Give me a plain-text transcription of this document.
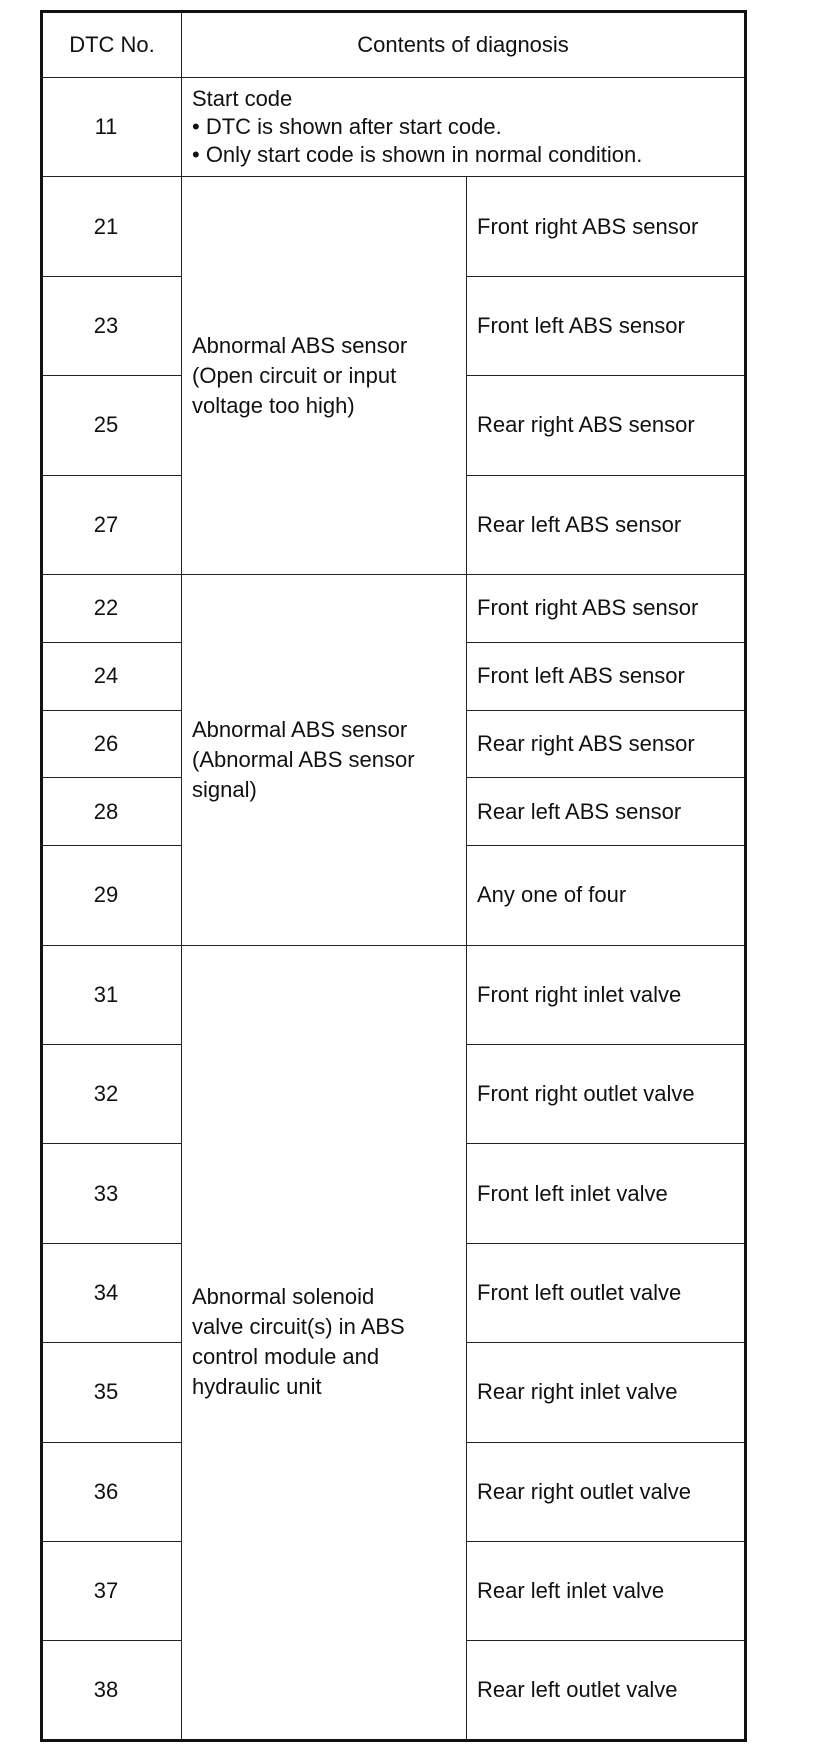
DTC No.	Contents of diagnosis	
11	Start code
• DTC is shown after start code.
• Only start code is shown in normal condition.	

21	Abnormal ABS sensor
(Open circuit or input
voltage too high)	Front right ABS sensor
23		Front left ABS sensor
25		Rear right ABS sensor
27		Rear left ABS sensor
22	Abnormal ABS sensor
(Abnormal ABS sensor
signal)	Front right ABS sensor
24		Front left ABS sensor
26		Rear right ABS sensor
28		Rear left ABS sensor
29		Any one of four
31	Abnormal solenoid
valve circuit(s) in ABS
control module and
hydraulic unit	Front right inlet valve
32		Front right outlet valve
33		Front left inlet valve
34		Front left outlet valve
35		Rear right inlet valve
36		Rear right outlet valve
37		Rear left inlet valve
38		Rear left outlet valve
